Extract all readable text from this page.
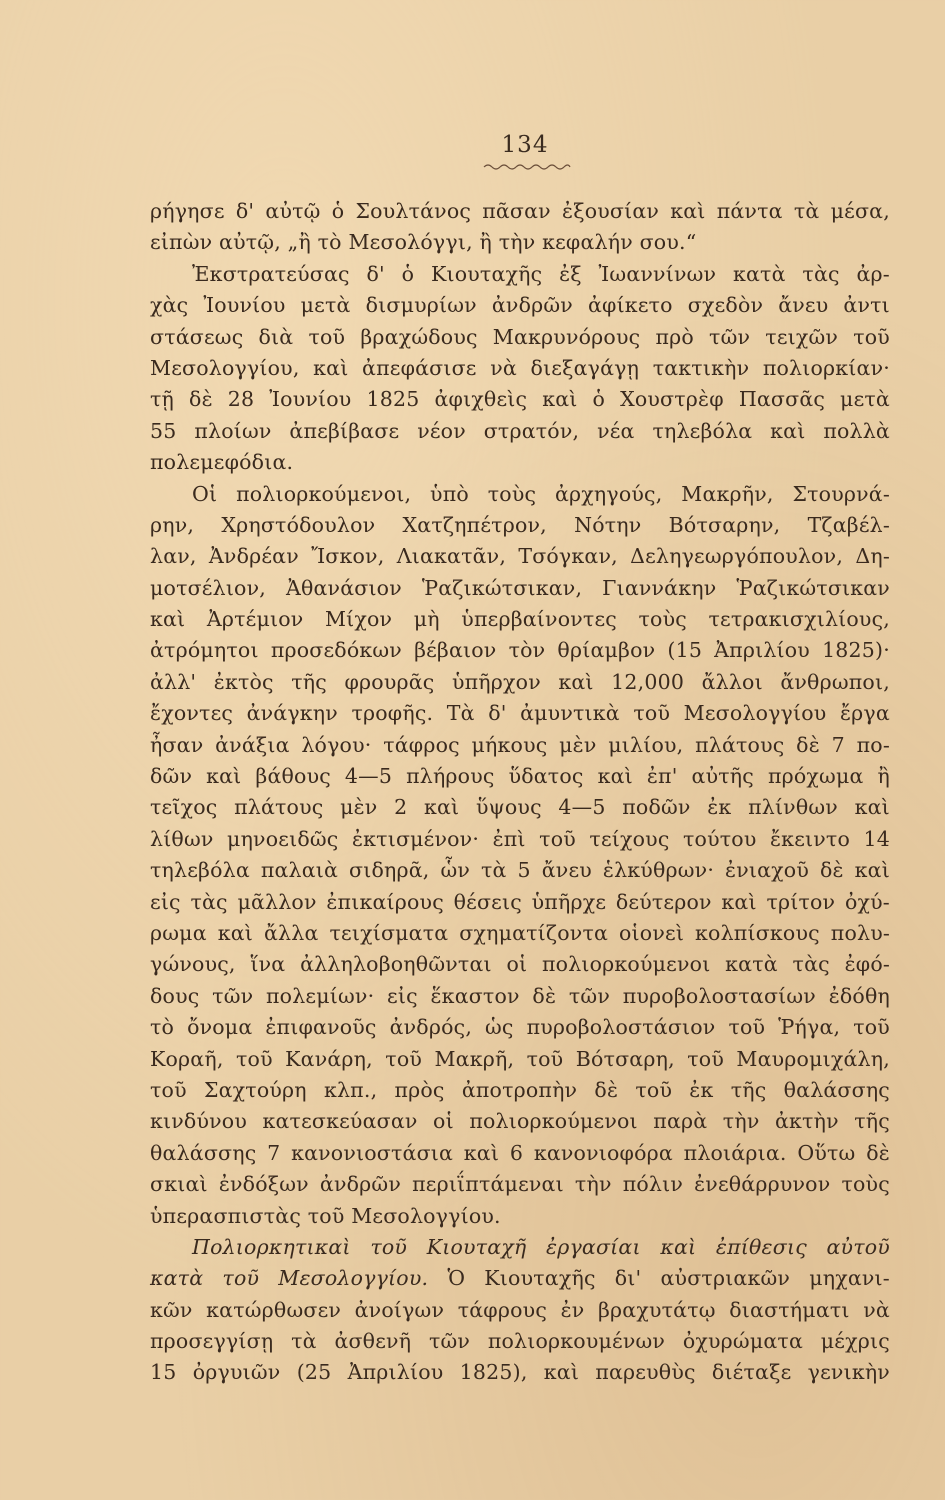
134
ρήγησε δ' αὐτῷ ὁ Σουλτάνος πᾶσαν ἐξουσίαν καὶ πάντα τὰ μέσα,
εἰπὼν αὐτῷ, „ἢ τὸ Μεσολόγγι, ἢ τὴν κεφαλήν σου.“
Ἐκστρατεύσας δ' ὁ Κιουταχῆς ἐξ Ἰωαννίνων κατὰ τὰς ἀρ-
χὰς Ἰουνίου μετὰ δισμυρίων ἀνδρῶν ἀφίκετο σχεδὸν ἄνευ ἀντι
στάσεως διὰ τοῦ βραχώδους Μακρυνόρους πρὸ τῶν τειχῶν τοῦ
Μεσολογγίου, καὶ ἀπεφάσισε νὰ διεξαγάγῃ τακτικὴν πολιορκίαν·
τῇ δὲ 28 Ἰουνίου 1825 ἀφιχθεὶς καὶ ὁ Χουστρὲφ Πασσᾶς μετὰ
55 πλοίων ἀπεβίβασε νέον στρατόν, νέα τηλεβόλα καὶ πολλὰ
πολεμεφόδια.
Οἱ πολιορκούμενοι, ὑπὸ τοὺς ἀρχηγούς, Μακρῆν, Στουρνά-
ρην, Χρηστόδουλον Χατζηπέτρον, Νότην Βότσαρην, Τζαβέλ-
λαν, Ἀνδρέαν Ἴσκον, Λιακατᾶν, Τσόγκαν, Δεληγεωργόπουλον, Δη-
μοτσέλιον, Ἀθανάσιον Ῥαζικώτσικαν, Γιαννάκην Ῥαζικώτσικαν
καὶ Ἀρτέμιον Μίχον μὴ ὑπερβαίνοντες τοὺς τετρακισχιλίους,
ἀτρόμητοι προσεδόκων βέβαιον τὸν θρίαμβον (15 Ἀπριλίου 1825)·
ἀλλ' ἐκτὸς τῆς φρουρᾶς ὑπῆρχον καὶ 12,000 ἄλλοι ἄνθρωποι,
ἔχοντες ἀνάγκην τροφῆς. Τὰ δ' ἀμυντικὰ τοῦ Μεσολογγίου ἔργα
ἦσαν ἀνάξια λόγου· τάφρος μήκους μὲν μιλίου, πλάτους δὲ 7 πο-
δῶν καὶ βάθους 4—5 πλήρους ὕδατος καὶ ἐπ' αὐτῆς πρόχωμα ἢ
τεῖχος πλάτους μὲν 2 καὶ ὕψους 4—5 ποδῶν ἐκ πλίνθων καὶ
λίθων μηνοειδῶς ἐκτισμένον· ἐπὶ τοῦ τείχους τούτου ἔκειντο 14
τηλεβόλα παλαιὰ σιδηρᾶ, ὧν τὰ 5 ἄνευ ἑλκύθρων· ἐνιαχοῦ δὲ καὶ
εἰς τὰς μᾶλλον ἐπικαίρους θέσεις ὑπῆρχε δεύτερον καὶ τρίτον ὀχύ-
ρωμα καὶ ἄλλα τειχίσματα σχηματίζοντα οἱονεὶ κολπίσκους πολυ-
γώνους, ἵνα ἀλληλοβοηθῶνται οἱ πολιορκούμενοι κατὰ τὰς ἐφό-
δους τῶν πολεμίων· εἰς ἕκαστον δὲ τῶν πυροβολοστασίων ἐδόθη
τὸ ὄνομα ἐπιφανοῦς ἀνδρός, ὡς πυροβολοστάσιον τοῦ Ῥήγα, τοῦ
Κοραῆ, τοῦ Κανάρη, τοῦ Μακρῆ, τοῦ Βότσαρη, τοῦ Μαυρομιχάλη,
τοῦ Σαχτούρη κλπ., πρὸς ἀποτροπὴν δὲ τοῦ ἐκ τῆς θαλάσσης
κινδύνου κατεσκεύασαν οἱ πολιορκούμενοι παρὰ τὴν ἀκτὴν τῆς
θαλάσσης 7 κανονιοστάσια καὶ 6 κανονιοφόρα πλοιάρια. Οὕτω δὲ
σκιαὶ ἐνδόξων ἀνδρῶν περιΐπτάμεναι τὴν πόλιν ἐνεθάρρυνον τοὺς
ὑπερασπιστὰς τοῦ Μεσολογγίου.
Πολιορκητικαὶ τοῦ Κιουταχῆ ἐργασίαι καὶ ἐπίθεσις αὐτοῦ
κατὰ τοῦ Μεσολογγίου. Ὁ Κιουταχῆς δι' αὐστριακῶν μηχανι-
κῶν κατώρθωσεν ἀνοίγων τάφρους ἐν βραχυτάτῳ διαστήματι νὰ
προσεγγίσῃ τὰ ἀσθενῆ τῶν πολιορκουμένων ὀχυρώματα μέχρις
15 ὀργυιῶν (25 Ἀπριλίου 1825), καὶ παρευθὺς διέταξε γενικὴν
